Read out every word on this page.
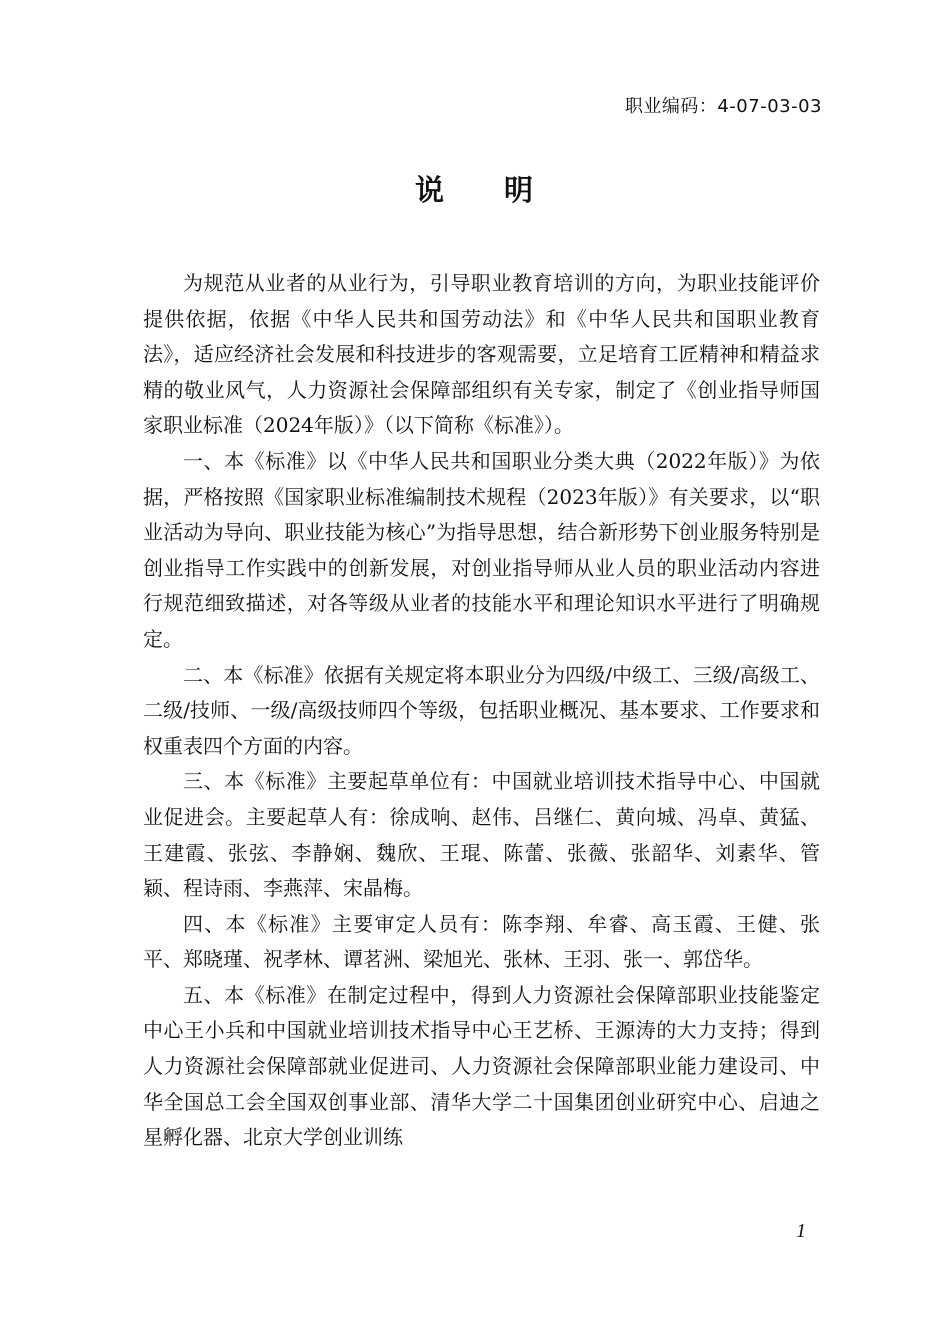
职业编码：4-07-03-03
说 明

为规范从业者的从业行为，引导职业教育培训的方向，为职业技能评价提供依据，依据《中华人民共和国劳动法》和《中华人民共和国职业教育法》，适应经济社会发展和科技进步的客观需要，立足培育工匠精神和精益求精的敬业风气，人力资源社会保障部组织有关专家，制定了《创业指导师国家职业标准（2024年版）》（以下简称《标准》）。

一、本《标准》以《中华人民共和国职业分类大典（2022年版）》为依据，严格按照《国家职业标准编制技术规程（2023年版）》有关要求，以“职业活动为导向、职业技能为核心”为指导思想，结合新形势下创业服务特别是创业指导工作实践中的创新发展，对创业指导师从业人员的职业活动内容进行规范细致描述，对各等级从业者的技能水平和理论知识水平进行了明确规定。

二、本《标准》依据有关规定将本职业分为四级/中级工、三级/高级工、二级/技师、一级/高级技师四个等级，包括职业概况、基本要求、工作要求和权重表四个方面的内容。

三、本《标准》主要起草单位有：中国就业培训技术指导中心、中国就业促进会。主要起草人有：徐成响、赵伟、吕继仁、黄向城、冯卓、黄猛、王建霞、张弦、李静娴、魏欣、王琨、陈蕾、张薇、张韶华、刘素华、管颖、程诗雨、李燕萍、宋晶梅。

四、本《标准》主要审定人员有：陈李翔、牟睿、高玉霞、王健、张平、郑晓瑾、祝孝林、谭茗洲、梁旭光、张林、王羽、张一、郭岱华。

五、本《标准》在制定过程中，得到人力资源社会保障部职业技能鉴定中心王小兵和中国就业培训技术指导中心王艺桥、王源涛的大力支持；得到人力资源社会保障部就业促进司、人力资源社会保障部职业能力建设司、中华全国总工会全国双创事业部、清华大学二十国集团创业研究中心、启迪之星孵化器、北京大学创业训练

1
